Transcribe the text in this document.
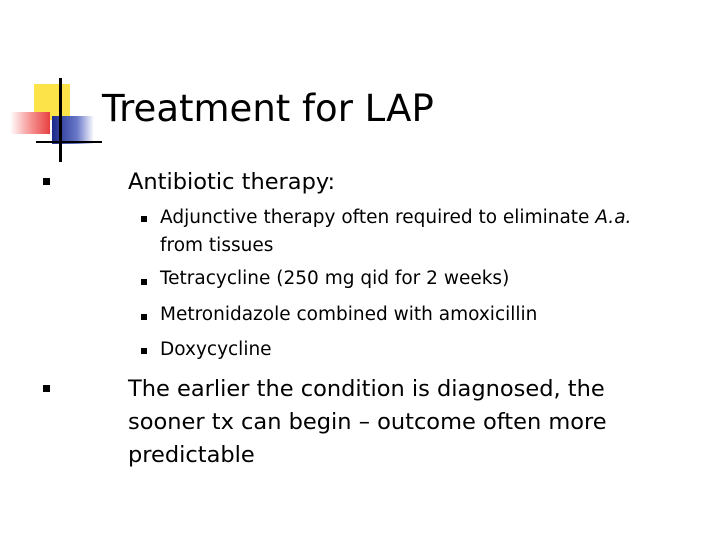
Treatment for LAP
Antibiotic therapy:
Adjunctive therapy often required to eliminate A.a.
from tissues
Tetracycline (250 mg qid for 2 weeks)
Metronidazole combined with amoxicillin
Doxycycline
The earlier the condition is diagnosed, the
sooner tx can begin – outcome often more
predictable
